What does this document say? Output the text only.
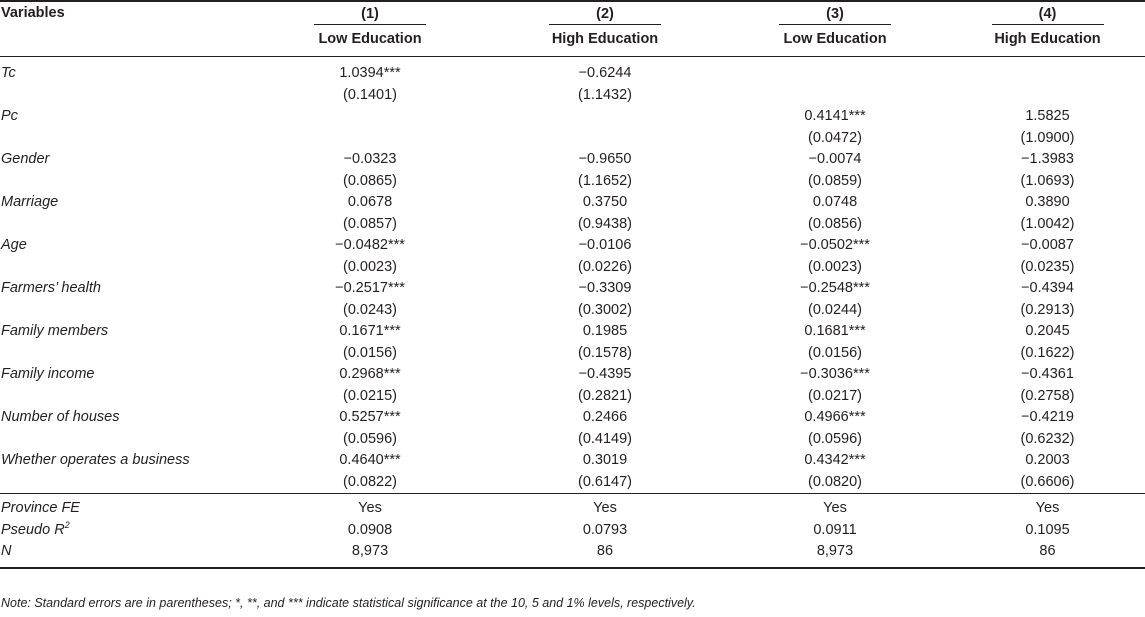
Variables	(1)	(2)	(3)	(4)
	Low Education	High Education	Low Education	High Education
Tc	1.0394***	−0.6244		
	(0.1401)	(1.1432)		
Pc			0.4141***	1.5825
			(0.0472)	(1.0900)
Gender	−0.0323	−0.9650	−0.0074	−1.3983
	(0.0865)	(1.1652)	(0.0859)	(1.0693)
Marriage	0.0678	0.3750	0.0748	0.3890
	(0.0857)	(0.9438)	(0.0856)	(1.0042)
Age	−0.0482***	−0.0106	−0.0502***	−0.0087
	(0.0023)	(0.0226)	(0.0023)	(0.0235)
Farmers’ health	−0.2517***	−0.3309	−0.2548***	−0.4394
	(0.0243)	(0.3002)	(0.0244)	(0.2913)
Family members	0.1671***	0.1985	0.1681***	0.2045
	(0.0156)	(0.1578)	(0.0156)	(0.1622)
Family income	0.2968***	−0.4395	−0.3036***	−0.4361
	(0.0215)	(0.2821)	(0.0217)	(0.2758)
Number of houses	0.5257***	0.2466	0.4966***	−0.4219
	(0.0596)	(0.4149)	(0.0596)	(0.6232)
Whether operates a business	0.4640***	0.3019	0.4342***	0.2003
	(0.0822)	(0.6147)	(0.0820)	(0.6606)
Province FE	Yes	Yes	Yes	Yes
Pseudo $R^2$	0.0908	0.0793	0.0911	0.1095
N	8,973	86	8,973	86
Note: Standard errors are in parentheses; *, **, and *** indicate statistical significance at the 10, 5 and 1% levels, respectively.
